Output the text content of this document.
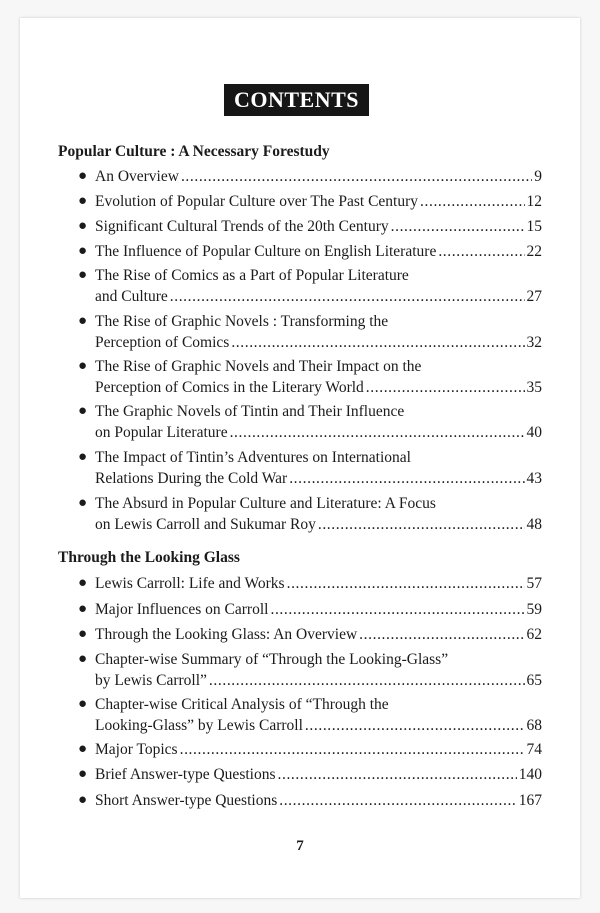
CONTENTS
Popular Culture : A Necessary Forestudy
● An Overview .....	9
● Evolution of Popular Culture over The Past Century .....	12
● Significant Cultural Trends of the 20th Century .....	15
● The Influence of Popular Culture on English Literature .....	22
● The Rise of Comics as a Part of Popular Literature
and Culture .....	27
● The Rise of Graphic Novels : Transforming the
Perception of Comics .....	32
● The Rise of Graphic Novels and Their Impact on the
Perception of Comics in the Literary World .....	35
● The Graphic Novels of Tintin and Their Influence
on Popular Literature .....	40
● The Impact of Tintin’s Adventures on International
Relations During the Cold War .....	43
● The Absurd in Popular Culture and Literature: A Focus
on Lewis Carroll and Sukumar Roy .....	48
Through the Looking Glass
● Lewis Carroll: Life and Works .....	57
● Major Influences on Carroll .....	59
● Through the Looking Glass: An Overview .....	62
● Chapter-wise Summary of “Through the Looking-Glass”
by Lewis Carroll” .....	65
● Chapter-wise Critical Analysis of “Through the
Looking-Glass” by Lewis Carroll .....	68
● Major Topics .....	74
● Brief Answer-type Questions .....	140
● Short Answer-type Questions .....	167
7
